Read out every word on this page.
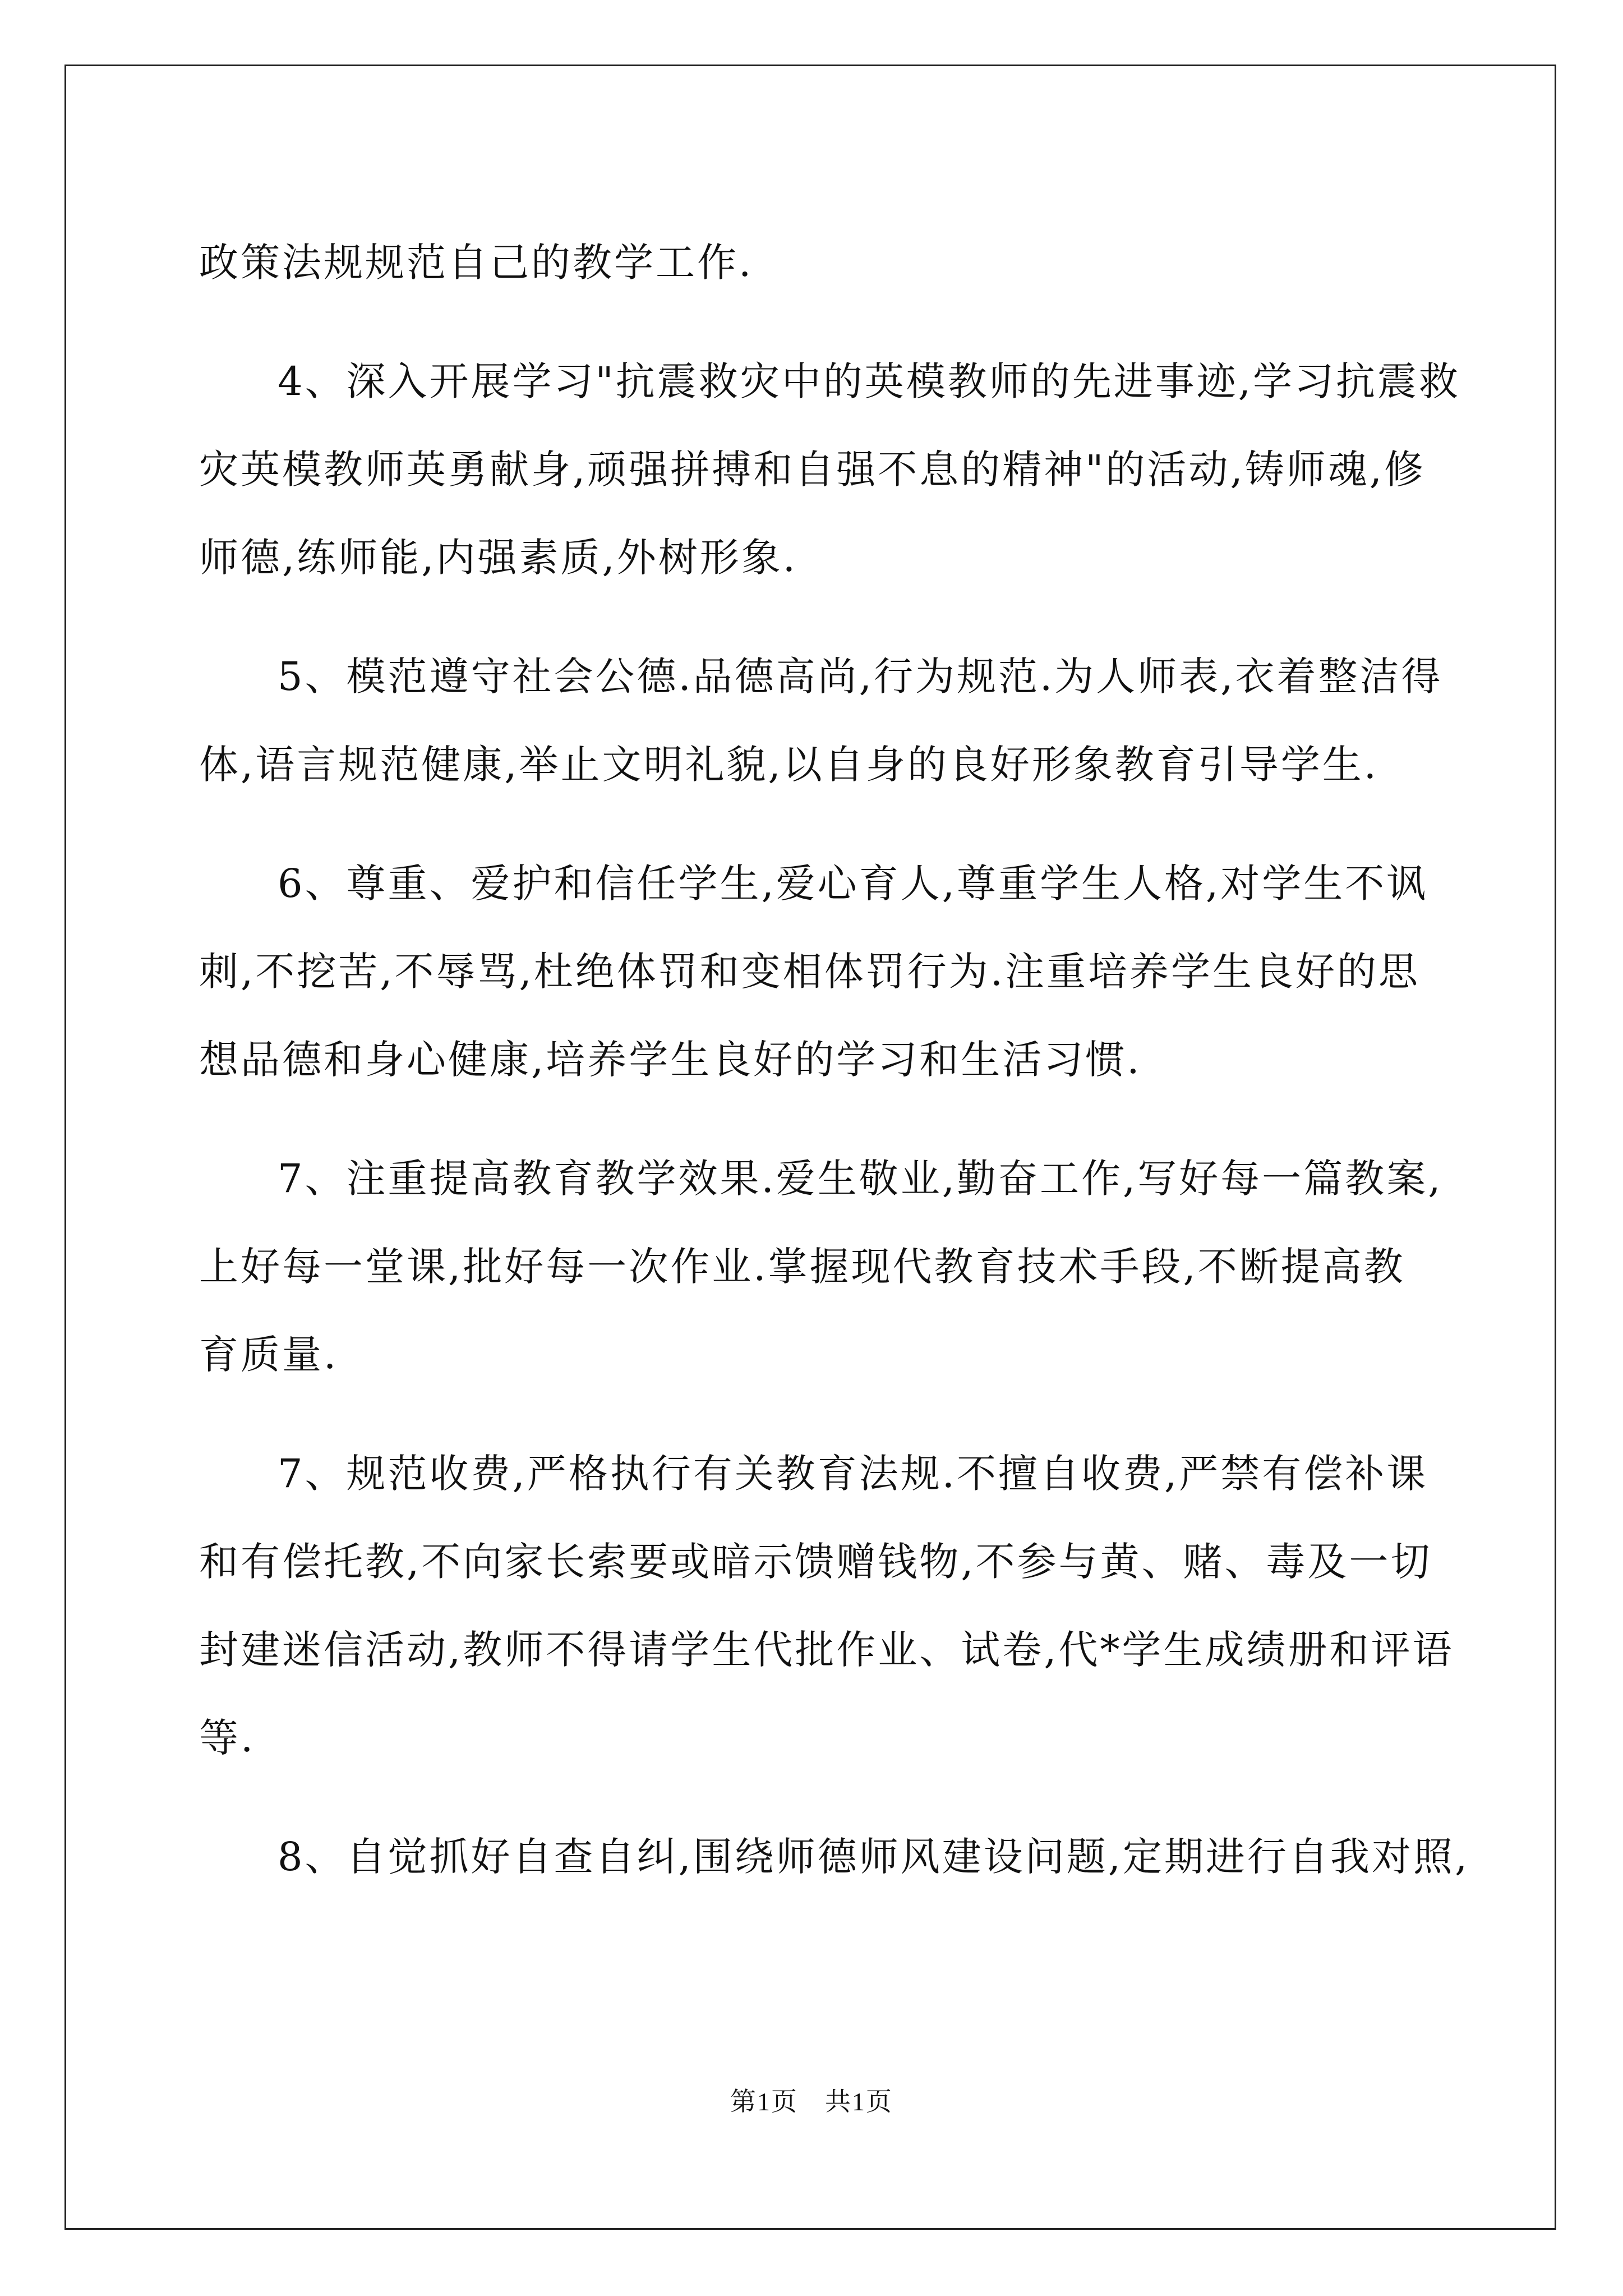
政策法规规范自己的教学工作.
4、深入开展学习"抗震救灾中的英模教师的先进事迹,学习抗震救
灾英模教师英勇献身,顽强拼搏和自强不息的精神"的活动,铸师魂,修
师德,练师能,内强素质,外树形象.
5、模范遵守社会公德.品德高尚,行为规范.为人师表,衣着整洁得
体,语言规范健康,举止文明礼貌,以自身的良好形象教育引导学生.
6、尊重、爱护和信任学生,爱心育人,尊重学生人格,对学生不讽
刺,不挖苦,不辱骂,杜绝体罚和变相体罚行为.注重培养学生良好的思
想品德和身心健康,培养学生良好的学习和生活习惯.
7、注重提高教育教学效果.爱生敬业,勤奋工作,写好每一篇教案,
上好每一堂课,批好每一次作业.掌握现代教育技术手段,不断提高教
育质量.
7、规范收费,严格执行有关教育法规.不擅自收费,严禁有偿补课
和有偿托教,不向家长索要或暗示馈赠钱物,不参与黄、赌、毒及一切
封建迷信活动,教师不得请学生代批作业、试卷,代*学生成绩册和评语
等.
8、自觉抓好自查自纠,围绕师德师风建设问题,定期进行自我对照,
第1页　共1页
